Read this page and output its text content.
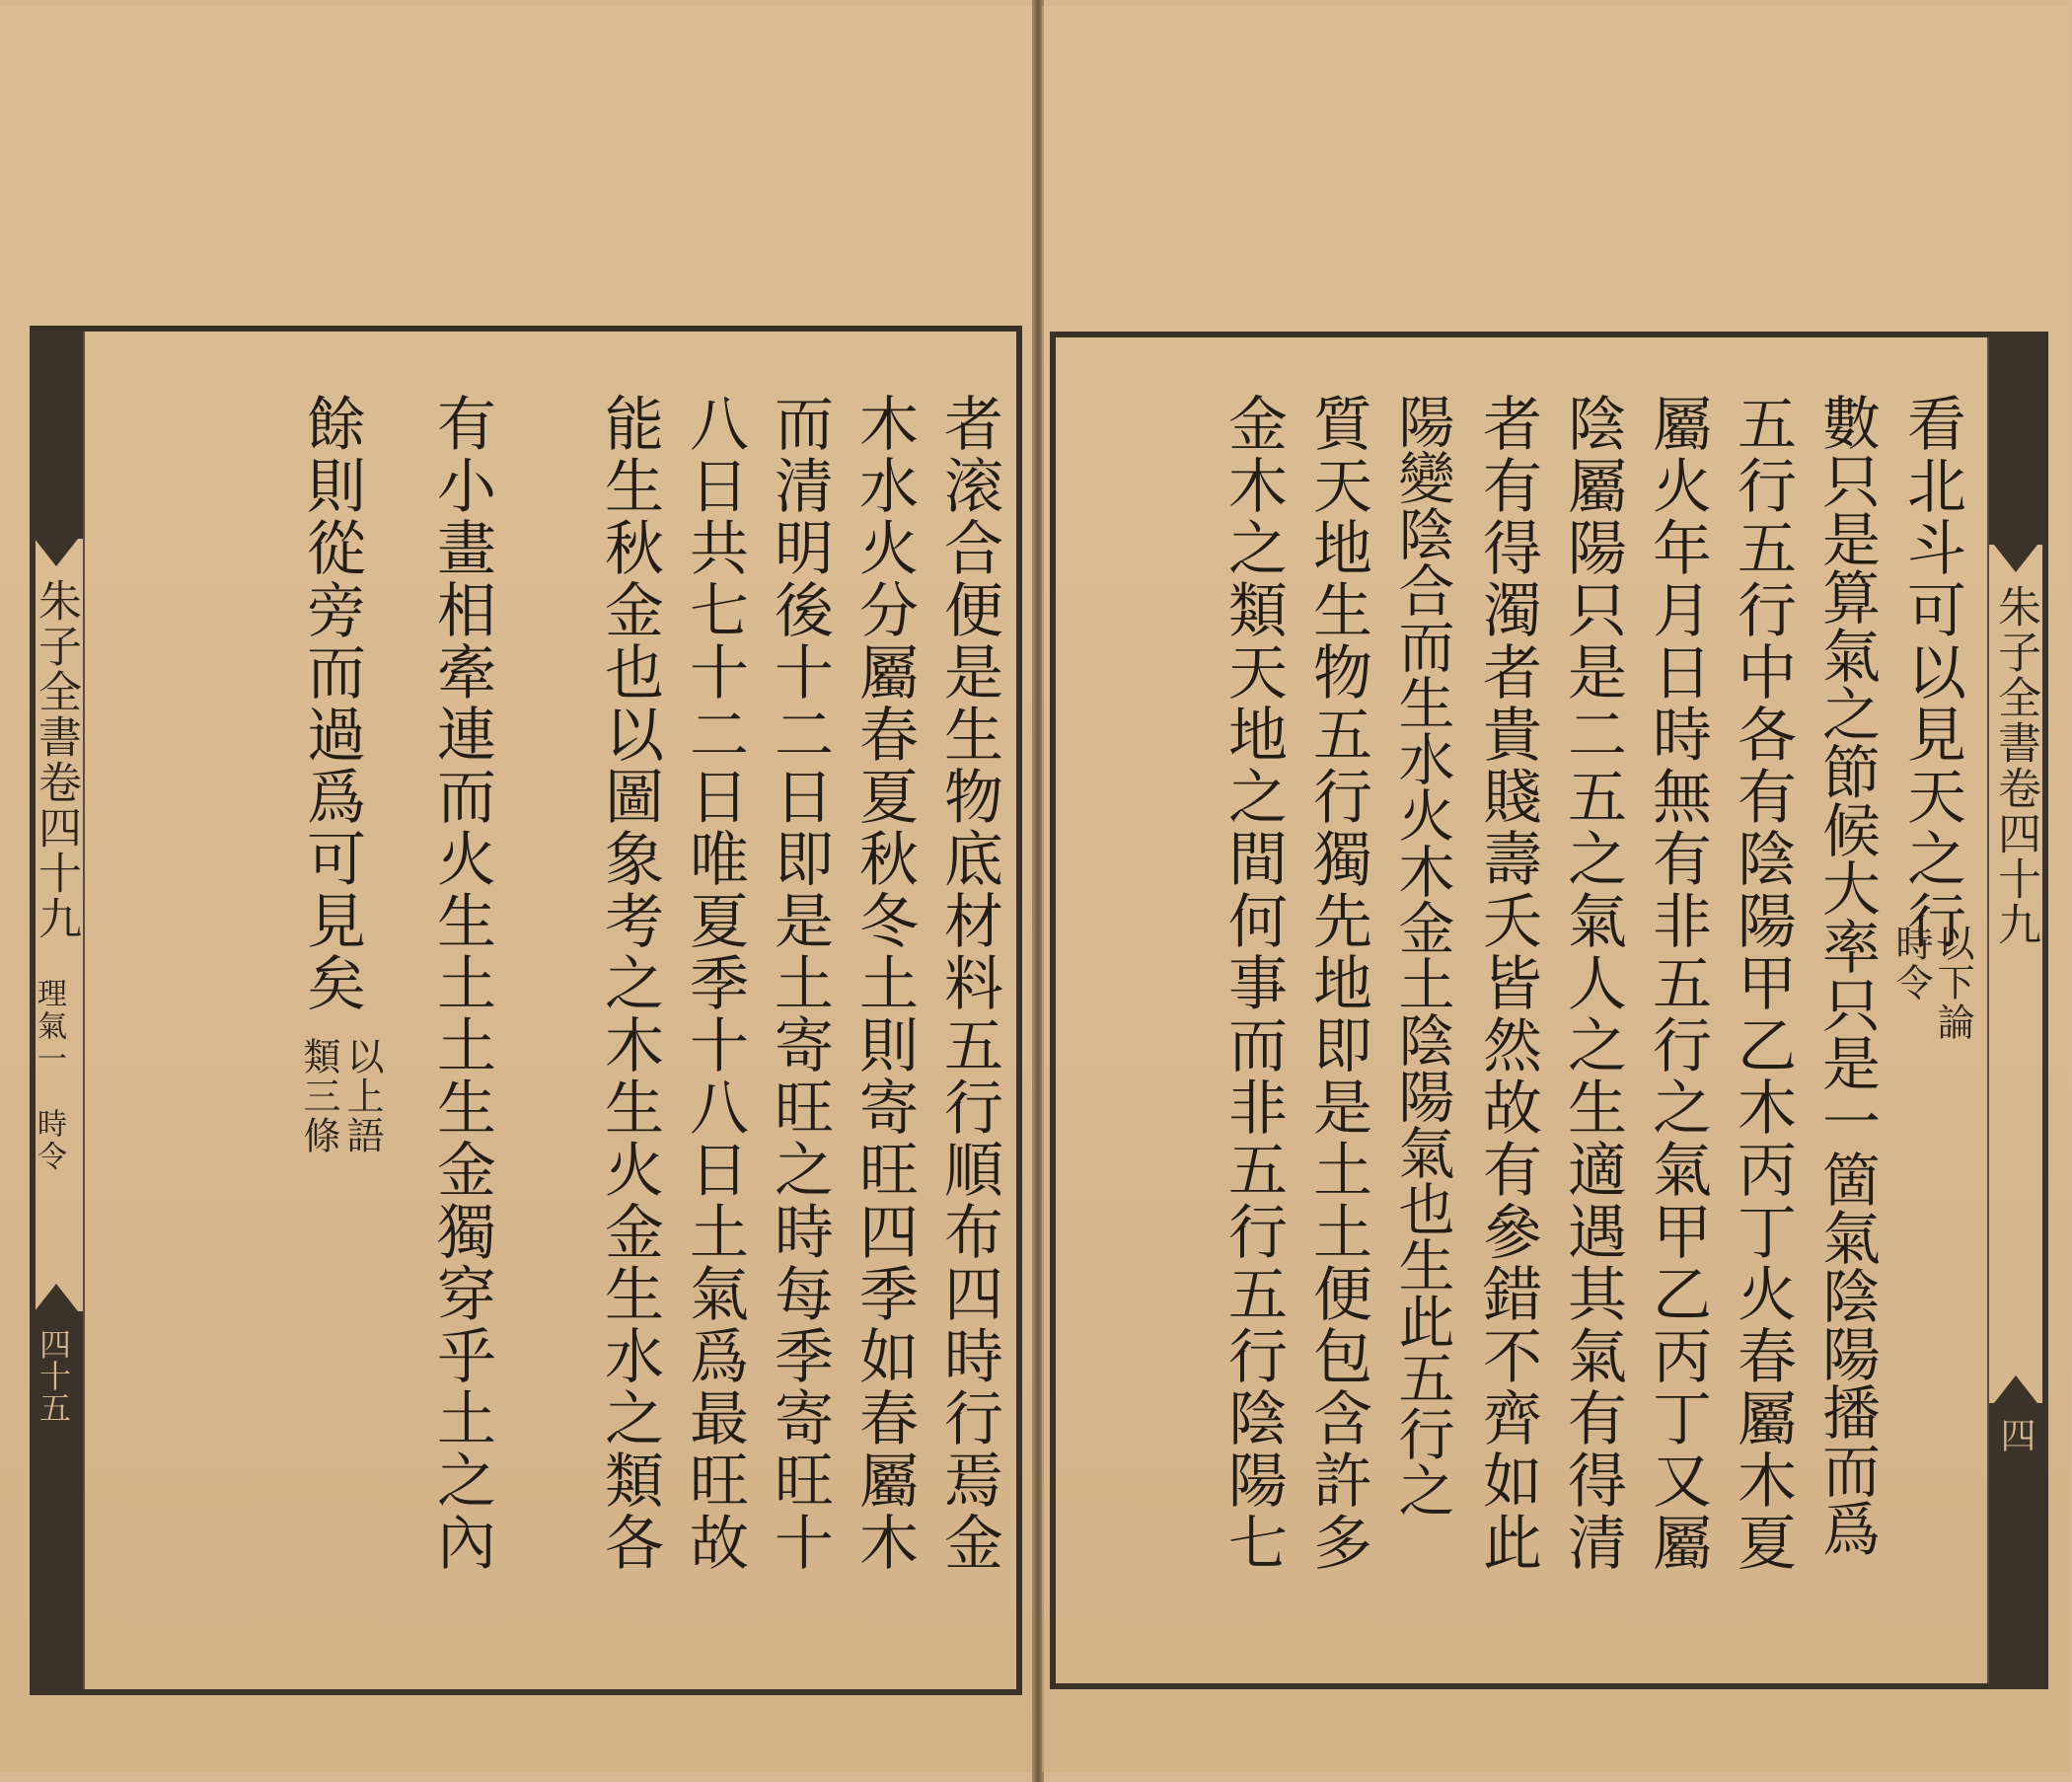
朱子全書卷四十九
理氣一　時令
四十五	者滚合便是生物底材料五行順布四時行焉金
木水火分屬春夏秋冬土則寄旺四季如春屬木
而清明後十二日即是土寄旺之時每季寄旺十
八日共七十二日唯夏季十八日土氣爲最旺故
能生秋金也以圖象考之木生火金生水之類各
有小畫相牽連而火生土土生金獨穿乎土之內
餘則從旁而過爲可見矣
以上語
類三條
朱子全書卷四十九
四
看北斗可以見天之行
以下論
時令
數只是算氣之節候大率只是一箇氣陰陽播而爲
五行五行中各有陰陽甲乙木丙丁火春屬木夏
屬火年月日時無有非五行之氣甲乙丙丁又屬
陰屬陽只是二五之氣人之生適遇其氣有得清
者有得濁者貴賤壽夭皆然故有參錯不齊如此
陽變陰合而生水火木金土陰陽氣也生此五行之
質天地生物五行獨先地即是土土便包含許多
金木之類天地之間何事而非五行五行陰陽七
